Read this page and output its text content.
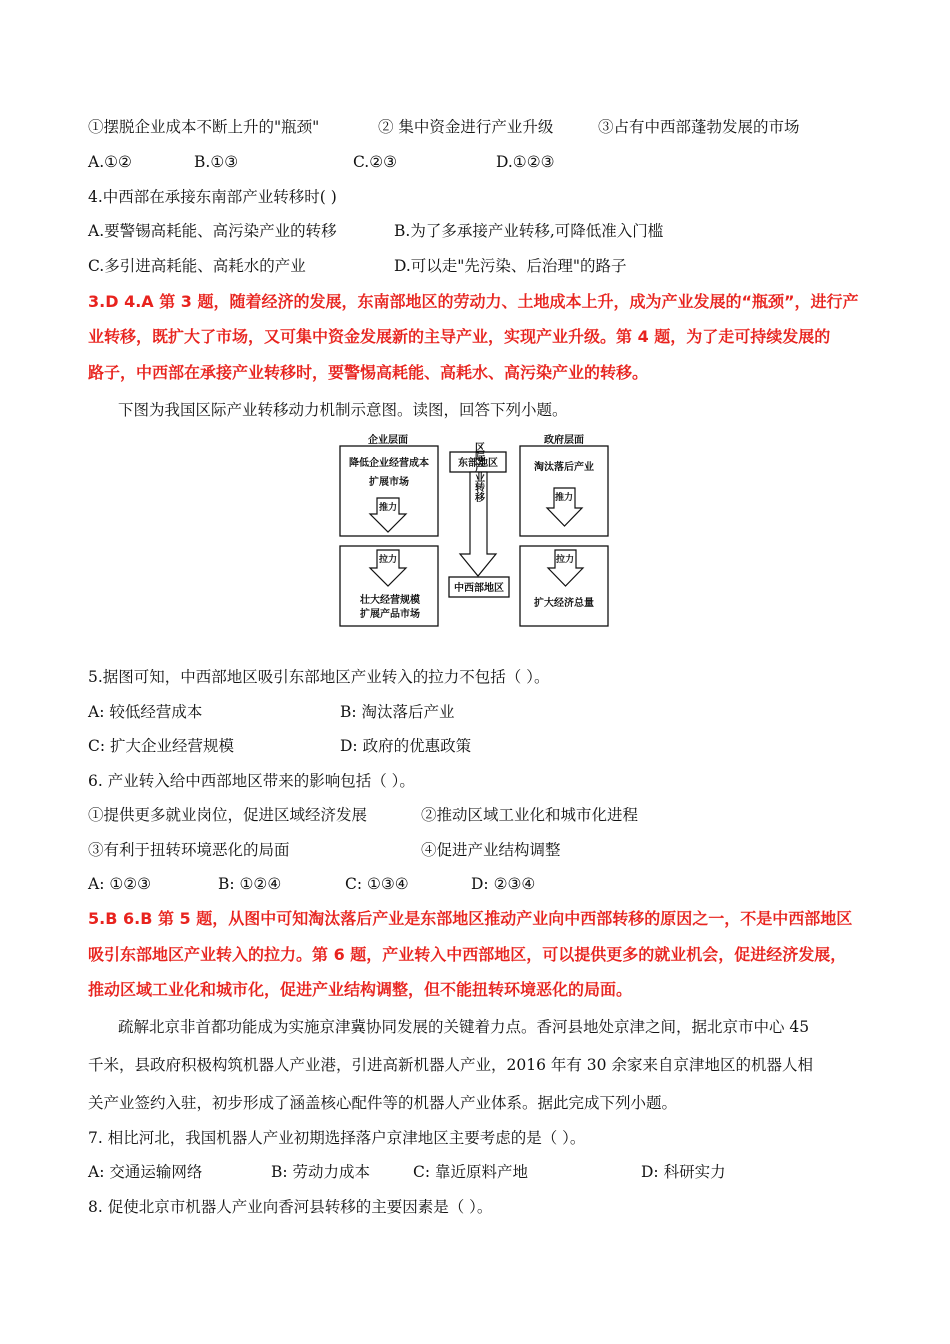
①摆脱企业成本不断上升的"瓶颈"	② 集中资金进行产业升级	③占有中西部蓬勃发展的市场
A.①②	B.①③	C.②③	D.①②③
4.中西部在承接东南部产业转移时( )
A.要警锡高耗能、高污染产业的转移	B.为了多承接产业转移,可降低准入门槛
C.多引进高耗能、高耗水的产业	D.可以走"先污染、后治理"的路子
3.D 4.A 第 3 题，随着经济的发展，东南部地区的劳动力、土地成本上升，成为产业发展的“瓶颈”，进行产
业转移，既扩大了市场，又可集中资金发展新的主导产业，实现产业升级。第 4 题，为了走可持续发展的
路子，中西部在承接产业转移时，要警惕高耗能、高耗水、高污染产业的转移。
下图为我国区际产业转移动力机制示意图。读图，回答下列小题。
企业层面
降低企业经营成本
扩展市场
推力
拉力
壮大经营规模
扩展产品市场
东部地区
区际产业转移
中西部地区
政府层面
淘汰落后产业
推力
拉力
扩大经济总量
5.据图可知，中西部地区吸引东部地区产业转入的拉力不包括（ ）。
A: 较低经营成本	B: 淘汰落后产业
C: 扩大企业经营规模	D: 政府的优惠政策
6. 产业转入给中西部地区带来的影响包括（ ）。
①提供更多就业岗位，促进区域经济发展	②推动区域工业化和城市化进程
③有利于扭转环境恶化的局面	④促进产业结构调整
A: ①②③	B: ①②④	C: ①③④	D: ②③④
5.B 6.B 第 5 题，从图中可知淘汰落后产业是东部地区推动产业向中西部转移的原因之一，不是中西部地区
吸引东部地区产业转入的拉力。第 6 题，产业转入中西部地区，可以提供更多的就业机会，促进经济发展，
推动区域工业化和城市化，促进产业结构调整，但不能扭转环境恶化的局面。
疏解北京非首都功能成为实施京津冀协同发展的关键着力点。香河县地处京津之间，据北京市中心 45
千米，县政府积极构筑机器人产业港，引进高新机器人产业，2016 年有 30 余家来自京津地区的机器人相
关产业签约入驻，初步形成了涵盖核心配件等的机器人产业体系。据此完成下列小题。
7. 相比河北，我国机器人产业初期选择落户京津地区主要考虑的是（ ）。
A: 交通运输网络	B: 劳动力成本	C: 靠近原料产地	D: 科研实力
8. 促使北京市机器人产业向香河县转移的主要因素是（ ）。
